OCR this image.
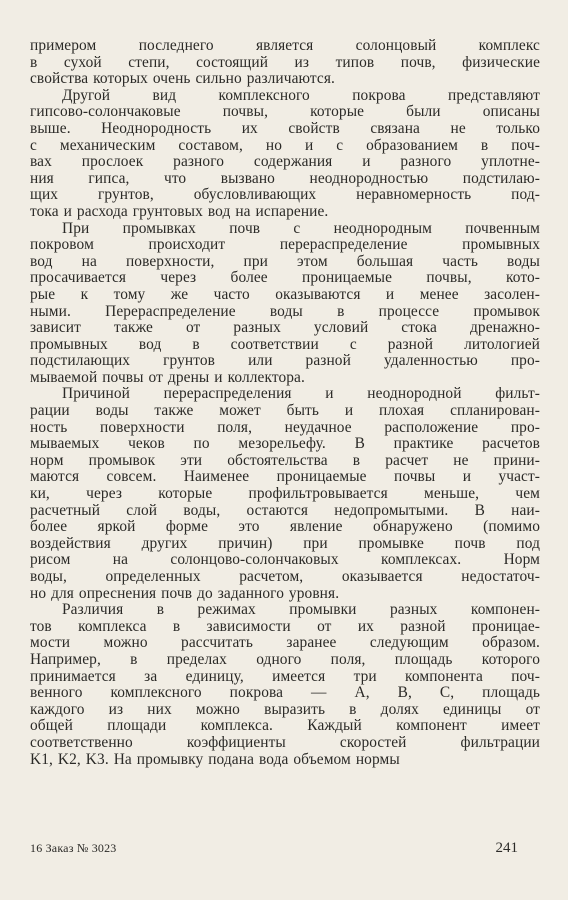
примером последнего является солонцовый комплекс
в сухой степи, состоящий из типов почв, физические
свойства которых очень сильно различаются.
Другой вид комплексного покрова представляют
гипсово-солончаковые почвы, которые были описаны
выше. Неоднородность их свойств связана не только
с механическим составом, но и с образованием в поч-
вах прослоек разного содержания и разного уплотне-
ния гипса, что вызвано неоднородностью подстилаю-
щих грунтов, обусловливающих неравномерность под-
тока и расхода грунтовых вод на испарение.
При промывках почв с неоднородным почвенным
покровом происходит перераспределение промывных
вод на поверхности, при этом большая часть воды
просачивается через более проницаемые почвы, кото-
рые к тому же часто оказываются и менее засолен-
ными. Перераспределение воды в процессе промывок
зависит также от разных условий стока дренажно-
промывных вод в соответствии с разной литологией
подстилающих грунтов или разной удаленностью про-
мываемой почвы от дрены и коллектора.
Причиной перераспределения и неоднородной фильт-
рации воды также может быть и плохая спланирован-
ность поверхности поля, неудачное расположение про-
мываемых чеков по мезорельефу. В практике расчетов
норм промывок эти обстоятельства в расчет не прини-
маются совсем. Наименее проницаемые почвы и участ-
ки, через которые профильтровывается меньше, чем
расчетный слой воды, остаются недопромытыми. В наи-
более яркой форме это явление обнаружено (помимо
воздействия других причин) при промывке почв под
рисом на солонцово-солончаковых комплексах. Норм
воды, определенных расчетом, оказывается недостаточ-
но для опреснения почв до заданного уровня.
Различия в режимах промывки разных компонен-
тов комплекса в зависимости от их разной проницае-
мости можно рассчитать заранее следующим образом.
Например, в пределах одного поля, площадь которого
принимается за единицу, имеется три компонента поч-
венного комплексного покрова — A, B, C, площадь
каждого из них можно выразить в долях единицы от
общей площади комплекса. Каждый компонент имеет
соответственно коэффициенты скоростей фильтрации
K1, K2, K3. На промывку подана вода объемом нормы
16 Заказ № 3023	241
